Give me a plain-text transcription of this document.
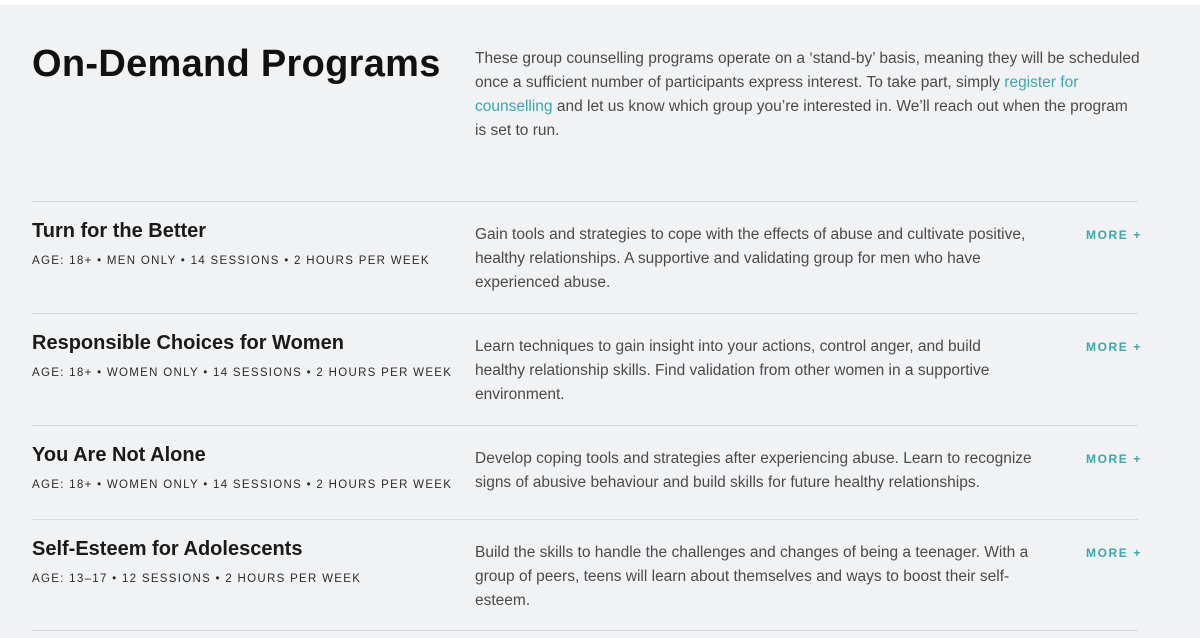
On-Demand Programs These group counselling programs operate on a ‘stand-by’ basis, meaning they will be scheduled once a sufficient number of participants express interest. To take part, simply register for counselling and let us know which group you’re interested in. We’ll reach out when the program is set to run.

Turn for the Better
AGE: 18+ • MEN ONLY • 14 SESSIONS • 2 HOURS PER WEEK

Gain tools and strategies to cope with the effects of abuse and cultivate positive, healthy relationships. A supportive and validating group for men who have experienced abuse.

MORE +
Responsible Choices for Women
AGE: 18+ • WOMEN ONLY • 14 SESSIONS • 2 HOURS PER WEEK

Learn techniques to gain insight into your actions, control anger, and build healthy relationship skills. Find validation from other women in a supportive environment.

MORE +
You Are Not Alone
AGE: 18+ • WOMEN ONLY • 14 SESSIONS • 2 HOURS PER WEEK

Develop coping tools and strategies after experiencing abuse. Learn to recognize signs of abusive behaviour and build skills for future healthy relationships.

MORE +
Self-Esteem for Adolescents
AGE: 13–17 • 12 SESSIONS • 2 HOURS PER WEEK

Build the skills to handle the challenges and changes of being a teenager. With a group of peers, teens will learn about themselves and ways to boost their self-esteem.

MORE +
